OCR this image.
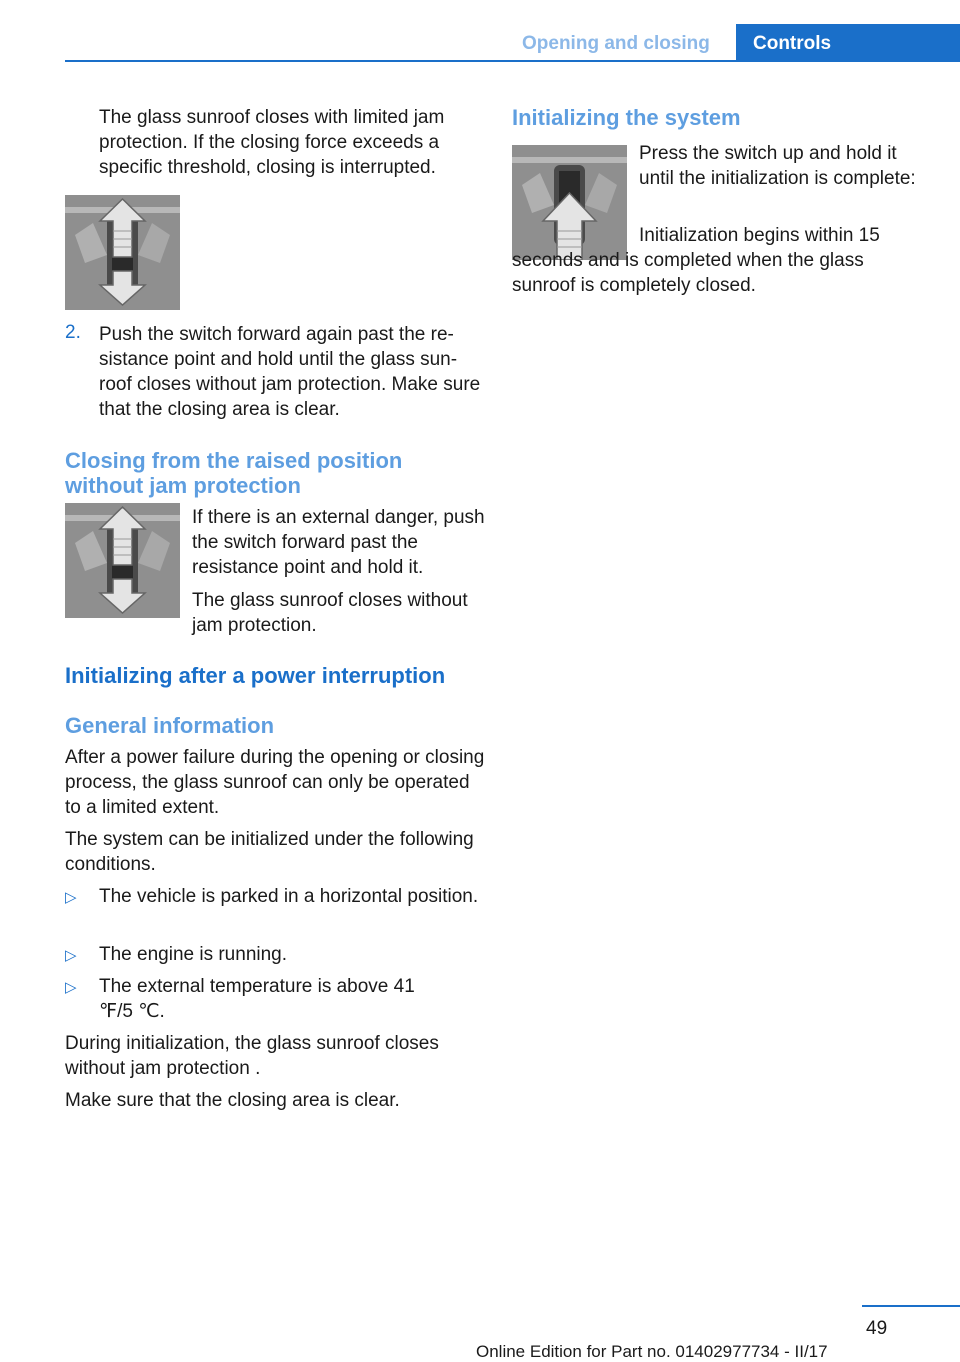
Opening and closing Controls

The glass sunroof closes with limited jam protection. If the closing force exceeds a specific threshold, closing is interrupted.

2. Push the switch forward again past the resistance point and hold until the glass sunroof closes without jam protection. Make sure that the closing area is clear.

Closing from the raised position

without jam protection

If there is an external danger, push the switch forward past the resistance point and hold it.

The glass sunroof closes without jam protection.

Initializing after a power interruption

General information

After a power failure during the opening or closing process, the glass sunroof can only be operated to a limited extent.

The system can be initialized under the following conditions.

▷ The vehicle is parked in a horizontal position.

▷ The engine is running.

▷ The external temperature is above 41 ℉/5 ℃.

During initialization, the glass sunroof closes without jam protection .

Make sure that the closing area is clear.

Initializing the system

Press the switch up and hold it until the initialization is complete:

Initialization begins within 15 seconds and is completed when the glass sunroof is completely closed.

49
Online Edition for Part no. 01402977734 - II/17
